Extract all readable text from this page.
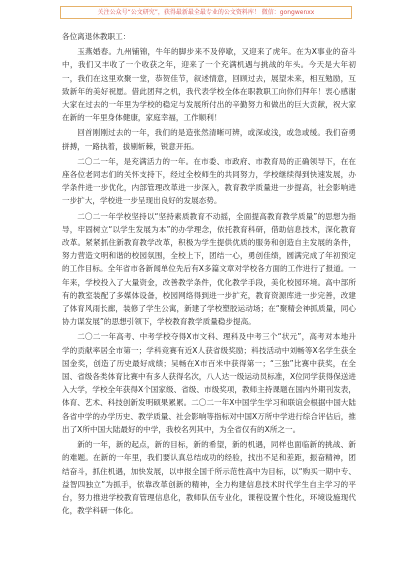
关注公众号“公文研究”，获得最新最全最专业的公文资料库！ 微信：gongwenxx

各位离退休教职工：

玉燕婚春。九州铺锦，牛年的脚步来不及停歇，又迎来了虎年。在为X事业的奋斗中，我们又丰收了一个收获之年，迎来了一个充满机遇与挑战的年头。今天是大年初一，我们在这里欢聚一堂，恭贺佳节，叙述情意，回顾过去，展望未来，相互勉励，互致新年的美好祝愿。借此团拜之机，我代表学校全体在职教职工向你们拜年！衷心感谢大家在过去的一年里为学校的稳定与发展所付出的辛勤努力和做出的巨大贡献，祝大家在新的一年里身体健康，家庭幸福，工作顺利！

回首刚刚过去的一年，我们的是造张然清晰可辨，或深或浅，或急或缓。我们奋勇拼搏，一路执着，拔剔斩棘，锐意开拓。

二〇二一年，是充满活力的一年。在市委、市政府、市教育局的正确领导下，在在座各位老同志们的关怀支持下，经过全校师生的共同努力，学校继续得到快速发展，办学条件进一步优化，内部管理改革进一步深入，教育教学质量进一步提高，社会影响进一步扩大，学校进一步呈现出良好的发展态势。

二〇二一年学校坚持以“坚持素质教育不动摇，全面提高教育教学质量”的思想为指导，牢固树立“以学生发展为本”的办学理念，依托教育科研，借助信息技术，深化教育改革。紧紧抓住新教育教学改革，积极为学生提供优质的服务和创造自主发展的条件，努力营造文明和谐的校园氛围，全校上下，团结一心，勇创佳绩，圆满完成了年初预定的工作目标。全年省市各新闻单位先后有X多篇文章对学校各方面的工作进行了报道。一年来，学校投入了大量资金，改善教学条件，优化教学手段，美化校园环境。高中部所有的教室装配了多媒体设备，校园网络得到进一步扩充，教育资源库进一步完善，改建了体育风雨长廊，装修了学生公寓，新建了学校塑胶运动场；在“聚精会神抓质量，同心协力谋发展”的思想引领下，学校教育教学质量稳步提高。

二〇二一年高考、中考学校夺得X市文科、理科及中考三个“状元”，高考对本地升学的贡献率居全市第一；学科竞赛有近X人获省级奖励；科技活动中刘畅等X名学生获全国金奖，创造了历史最好成绩；吴畅在X市百米中获得第一；“三独”比赛中获奖，在全国、省级各类体育比赛中有多人获得名次，八人达一级运动员标准，X位同学获得保送进入大学，学校全年获得X个国家级、省级、市级奖项，教师主持课题在国内外期刊发表，体育、艺术、科技创新发明硕果累累。二〇二一年X中国学生学习和联谊会根据中国大陆各省中学的办学历史、教学质量、社会影响等指标对中国X万所中学进行综合评估后，推出了X所中国大陆最好的中学，我校名列其中，为全省仅有的X所之一。

新的一年，新的起点，新的目标，新的希望，新的机遇，同样也面临新的挑战、新的难题。在新的一年里，我们要认真总结成功的经验，找出不足和差距，振奋精神，团结奋斗，抓住机遇，加快发展，以申报全国千所示范性高中为目标，以“购买一期中专、益智四独立”为抓手，依靠改革创新的精神，全力构建信息技术时代学生自主学习的平台，努力推进学校教育管理信息化，教师队伍专业化，课程设置个性化，环境设施现代化，教学科研一体化。
